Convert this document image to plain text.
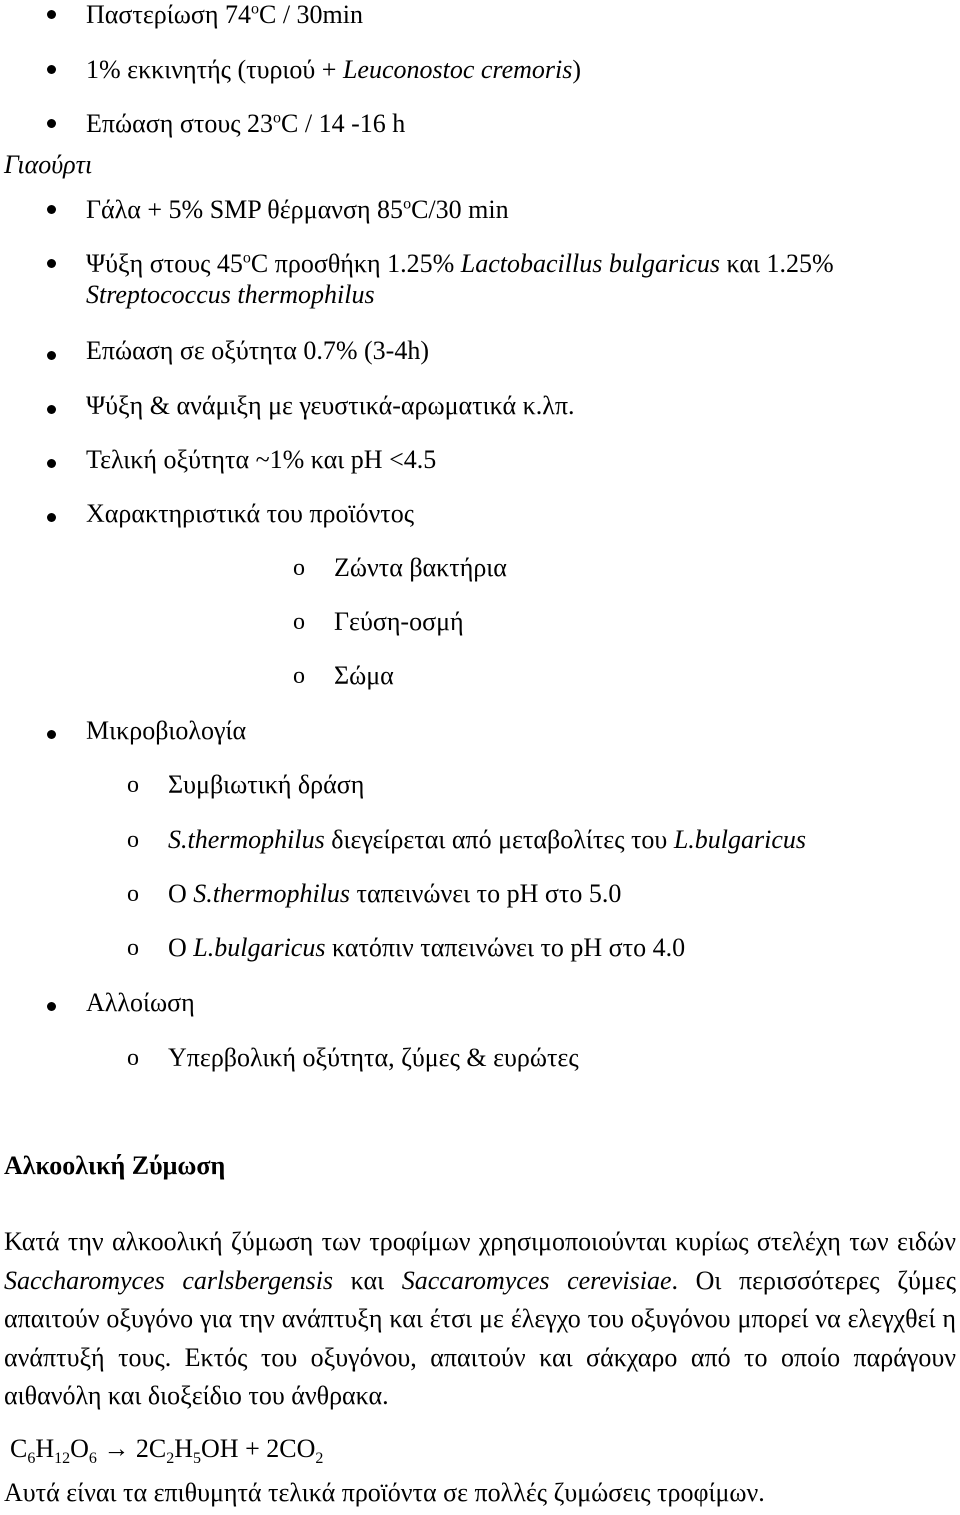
Παστερίωση $74^oC / 30\min$
1% εκκινητής (τυριού + Leuconostoc cremoris)
Επώαση στους $23^oC / 14$ -16 h
Γιαούρτι
Γάλα + 5% SMP θέρμανση $85^oC/30$ min
Ψύξη στους $45^oC$ προσθήκη 1.25% Lactobacillus bulgaricus και 1.25%
Streptococcus thermophilus
Επώαση σε οξύτητα 0.7% (3-4h)
Ψύξη & ανάμιξη με γευστικά-αρωματικά κ.λπ.
Τελική οξύτητα ~1% και pH <4.5
Χαρακτηριστικά του προϊόντος
o Ζώντα βακτήρια
o Γεύση-οσμή
o Σώμα
Μικροβιολογία
o Συμβιωτική δράση
o S.thermophilus διεγείρεται από μεταβολίτες του L.bulgaricus
o Ο S.thermophilus ταπεινώνει το pH στο 5.0
o Ο L.bulgaricus κατόπιν ταπεινώνει το pH στο 4.0
Αλλοίωση
o Υπερβολική οξύτητα, ζύμες & ευρώτες
Αλκοολική Ζύμωση
Κατά την αλκοολική ζύμωση των τροφίμων χρησιμοποιούνται κυρίως στελέχη των ειδών Saccharomyces carlsbergensis και Saccaromyces cerevisiae. Οι περισσότερες ζύμες απαιτούν οξυγόνο για την ανάπτυξη και έτσι με έλεγχο του οξυγόνου μπορεί να ελεγχθεί η ανάπτυξή τους. Εκτός του οξυγόνου, απαιτούν και σάκχαρο από το οποίο παράγουν αιθανόλη και διοξείδιο του άνθρακα.
$C_6H_{12}O_6 \to 2C_2H_5OH + 2CO_2$
Αυτά είναι τα επιθυμητά τελικά προϊόντα σε πολλές ζυμώσεις τροφίμων.
